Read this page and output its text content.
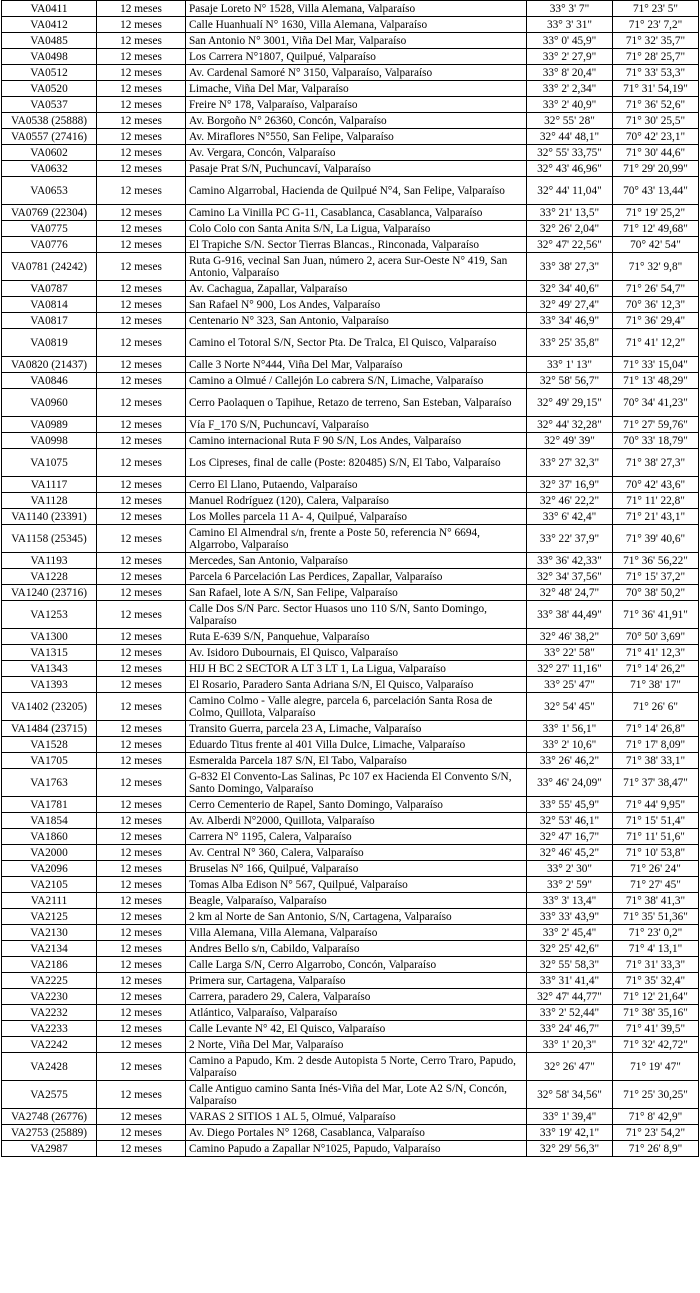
VA0411	12 meses	Pasaje Loreto N° 1528, Villa Alemana, Valparaíso	33° 3' 7"	71° 23' 5"
VA0412	12 meses	Calle Huanhualí N° 1630, Villa Alemana, Valparaíso	33° 3' 31"	71° 23' 7,2"
VA0485	12 meses	San Antonio N° 3001, Viña Del Mar, Valparaíso	33° 0' 45,9"	71° 32' 35,7"
VA0498	12 meses	Los Carrera N°1807, Quilpué, Valparaíso	33° 2' 27,9"	71° 28' 25,7"
VA0512	12 meses	Av. Cardenal Samoré N° 3150, Valparaíso, Valparaíso	33° 8' 20,4"	71° 33' 53,3"
VA0520	12 meses	Limache, Viña Del Mar, Valparaíso	33° 2' 2,34"	71° 31' 54,19"
VA0537	12 meses	Freire N° 178, Valparaíso, Valparaíso	33° 2' 40,9"	71° 36' 52,6"
VA0538 (25888)	12 meses	Av. Borgoño N° 26360, Concón, Valparaíso	32° 55' 28"	71° 30' 25,5"
VA0557 (27416)	12 meses	Av. Miraflores N°550, San Felipe, Valparaíso	32° 44' 48,1"	70° 42' 23,1"
VA0602	12 meses	Av. Vergara, Concón, Valparaíso	32° 55' 33,75"	71° 30' 44,6"
VA0632	12 meses	Pasaje Prat S/N, Puchuncaví, Valparaíso	32° 43' 46,96"	71° 29' 20,99"
VA0653	12 meses	Camino Algarrobal, Hacienda de Quilpué N°4, San Felipe, Valparaíso	32° 44' 11,04"	70° 43' 13,44"
VA0769 (22304)	12 meses	Camino La Vinilla PC G-11, Casablanca, Casablanca, Valparaíso	33° 21' 13,5"	71° 19' 25,2"
VA0775	12 meses	Colo Colo con Santa Anita S/N, La Ligua, Valparaíso	32° 26' 2,04"	71° 12' 49,68"
VA0776	12 meses	El Trapiche S/N. Sector Tierras Blancas., Rinconada, Valparaíso	32° 47' 22,56"	70° 42' 54"
VA0781 (24242)	12 meses	Ruta G-916, vecinal San Juan, número 2, acera Sur-Oeste N° 419, San Antonio, Valparaíso	33° 38' 27,3"	71° 32' 9,8"
VA0787	12 meses	Av. Cachagua, Zapallar, Valparaíso	32° 34' 40,6"	71° 26' 54,7"
VA0814	12 meses	San Rafael N° 900, Los Andes, Valparaíso	32° 49' 27,4"	70° 36' 12,3"
VA0817	12 meses	Centenario N° 323, San Antonio, Valparaíso	33° 34' 46,9"	71° 36' 29,4"
VA0819	12 meses	Camino el Totoral S/N, Sector Pta. De Tralca, El Quisco, Valparaíso	33° 25' 35,8"	71° 41' 12,2"
VA0820 (21437)	12 meses	Calle 3 Norte N°444, Viña Del Mar, Valparaíso	33° 1' 13"	71° 33' 15,04"
VA0846	12 meses	Camino a Olmué / Callejón Lo cabrera S/N, Limache, Valparaíso	32° 58' 56,7"	71° 13' 48,29"
VA0960	12 meses	Cerro Paolaquen o Tapihue, Retazo de terreno, San Esteban, Valparaíso	32° 49' 29,15"	70° 34' 41,23"
VA0989	12 meses	Vía F_170 S/N, Puchuncaví, Valparaíso	32° 44' 32,28"	71° 27' 59,76"
VA0998	12 meses	Camino internacional Ruta F 90 S/N, Los Andes, Valparaíso	32° 49' 39"	70° 33' 18,79"
VA1075	12 meses	Los Cipreses, final de calle (Poste: 820485) S/N, El Tabo, Valparaíso	33° 27' 32,3"	71° 38' 27,3"
VA1117	12 meses	Cerro El Llano, Putaendo, Valparaíso	32° 37' 16,9"	70° 42' 43,6"
VA1128	12 meses	Manuel Rodríguez (120), Calera, Valparaíso	32° 46' 22,2"	71° 11' 22,8"
VA1140 (23391)	12 meses	Los Molles parcela 11 A- 4, Quilpué, Valparaíso	33° 6' 42,4"	71° 21' 43,1"
VA1158 (25345)	12 meses	Camino El Almendral s/n, frente a Poste 50, referencia N° 6694, Algarrobo, Valparaíso	33° 22' 37,9"	71° 39' 40,6"
VA1193	12 meses	Mercedes, San Antonio, Valparaíso	33° 36' 42,33"	71° 36' 56,22"
VA1228	12 meses	Parcela 6 Parcelación Las Perdices, Zapallar, Valparaíso	32° 34' 37,56"	71° 15' 37,2"
VA1240 (23716)	12 meses	San Rafael, lote A S/N, San Felipe, Valparaíso	32° 48' 24,7"	70° 38' 50,2"
VA1253	12 meses	Calle Dos S/N Parc. Sector Huasos uno 110 S/N, Santo Domingo, Valparaíso	33° 38' 44,49"	71° 36' 41,91"
VA1300	12 meses	Ruta E-639 S/N, Panquehue, Valparaíso	32° 46' 38,2"	70° 50' 3,69"
VA1315	12 meses	Av. Isidoro Dubournais, El Quisco, Valparaíso	33° 22' 58"	71° 41' 12,3"
VA1343	12 meses	HIJ H BC 2 SECTOR A LT 3 LT 1, La Ligua, Valparaíso	32° 27' 11,16"	71° 14' 26,2"
VA1393	12 meses	El Rosario, Paradero Santa Adriana S/N, El Quisco, Valparaíso	33° 25' 47"	71° 38' 17"
VA1402 (23205)	12 meses	Camino Colmo - Valle alegre, parcela 6, parcelación Santa Rosa de Colmo, Quillota, Valparaíso	32° 54' 45"	71° 26' 6"
VA1484 (23715)	12 meses	Transito Guerra, parcela 23 A, Limache, Valparaíso	33° 1' 56,1"	71° 14' 26,8"
VA1528	12 meses	Eduardo Titus frente al 401 Villa Dulce, Limache, Valparaíso	33° 2' 10,6"	71° 17' 8,09"
VA1705	12 meses	Esmeralda Parcela 187 S/N, El Tabo, Valparaíso	33° 26' 46,2"	71° 38' 33,1"
VA1763	12 meses	G-832 El Convento-Las Salinas, Pc 107 ex Hacienda El Convento S/N, Santo Domingo, Valparaíso	33° 46' 24,09"	71° 37' 38,47"
VA1781	12 meses	Cerro Cementerio de Rapel, Santo Domingo, Valparaíso	33° 55' 45,9"	71° 44' 9,95"
VA1854	12 meses	Av. Alberdi N°2000, Quillota, Valparaíso	32° 53' 46,1"	71° 15' 51,4"
VA1860	12 meses	Carrera N° 1195, Calera, Valparaíso	32° 47' 16,7"	71° 11' 51,6"
VA2000	12 meses	Av. Central N° 360, Calera, Valparaíso	32° 46' 45,2"	71° 10' 53,8"
VA2096	12 meses	Bruselas N° 166, Quilpué, Valparaíso	33° 2' 30"	71° 26' 24"
VA2105	12 meses	Tomas Alba Edison N° 567, Quilpué, Valparaíso	33° 2' 59"	71° 27' 45"
VA2111	12 meses	Beagle, Valparaíso, Valparaíso	33° 3' 13,4"	71° 38' 41,3"
VA2125	12 meses	2 km al Norte de San Antonio, S/N, Cartagena, Valparaíso	33° 33' 43,9"	71° 35' 51,36"
VA2130	12 meses	Villa Alemana, Villa Alemana, Valparaíso	33° 2' 45,4"	71° 23' 0,2"
VA2134	12 meses	Andres Bello s/n, Cabildo, Valparaíso	32° 25' 42,6"	71° 4' 13,1"
VA2186	12 meses	Calle Larga S/N, Cerro Algarrobo, Concón, Valparaíso	32° 55' 58,3"	71° 31' 33,3"
VA2225	12 meses	Primera sur, Cartagena, Valparaíso	33° 31' 41,4"	71° 35' 32,4"
VA2230	12 meses	Carrera, paradero 29, Calera, Valparaíso	32° 47' 44,77"	71° 12' 21,64"
VA2232	12 meses	Atlántico, Valparaíso, Valparaíso	33° 2' 52,44"	71° 38' 35,16"
VA2233	12 meses	Calle Levante N° 42, El Quisco, Valparaíso	33° 24' 46,7"	71° 41' 39,5"
VA2242	12 meses	2 Norte, Viña Del Mar, Valparaíso	33° 1' 20,3"	71° 32' 42,72"
VA2428	12 meses	Camino a Papudo, Km. 2 desde Autopista 5 Norte, Cerro Traro, Papudo, Valparaíso	32° 26' 47"	71° 19' 47"
VA2575	12 meses	Calle Antiguo camino Santa Inés-Viña del Mar, Lote A2 S/N, Concón, Valparaíso	32° 58' 34,56"	71° 25' 30,25"
VA2748 (26776)	12 meses	VARAS 2 SITIOS 1 AL 5, Olmué, Valparaíso	33° 1' 39,4"	71° 8' 42,9"
VA2753 (25889)	12 meses	Av. Diego Portales N° 1268, Casablanca, Valparaíso	33° 19' 42,1"	71° 23' 54,2"
VA2987	12 meses	Camino Papudo a Zapallar N°1025, Papudo, Valparaíso	32° 29' 56,3"	71° 26' 8,9"
